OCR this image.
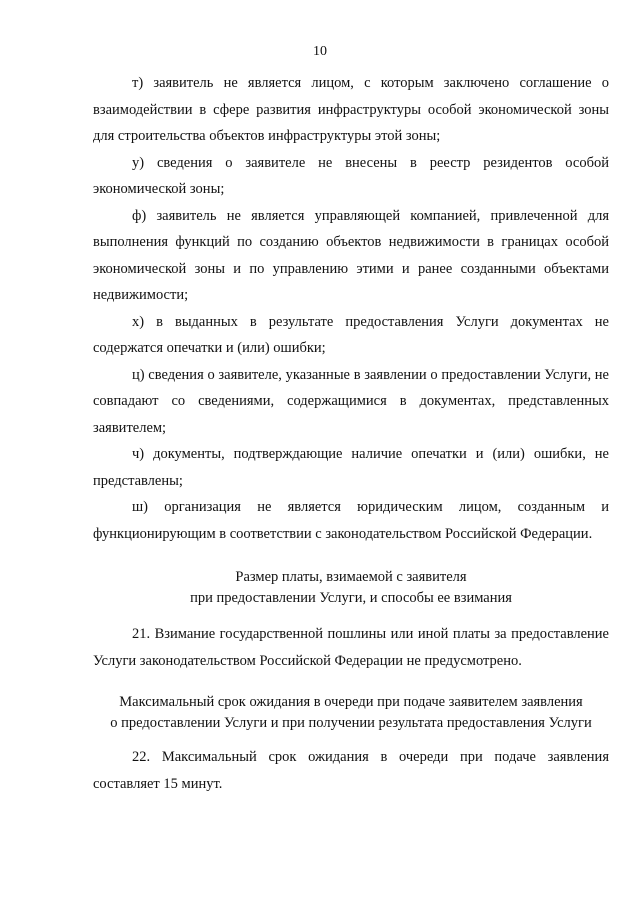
10

т) заявитель не является лицом, с которым заключено соглашение о взаимодействии в сфере развития инфраструктуры особой экономической зоны для строительства объектов инфраструктуры этой зоны;

у) сведения о заявителе не внесены в реестр резидентов особой экономической зоны;

ф) заявитель не является управляющей компанией, привлеченной для выполнения функций по созданию объектов недвижимости в границах особой экономической зоны и по управлению этими и ранее созданными объектами недвижимости;

х) в выданных в результате предоставления Услуги документах не содержатся опечатки и (или) ошибки;

ц) сведения о заявителе, указанные в заявлении о предоставлении Услуги, не совпадают со сведениями, содержащимися в документах, представленных заявителем;

ч) документы, подтверждающие наличие опечатки и (или) ошибки, не представлены;

ш) организация не является юридическим лицом, созданным и функционирующим в соответствии с законодательством Российской Федерации.

Размер платы, взимаемой с заявителя
при предоставлении Услуги, и способы ее взимания

21. Взимание государственной пошлины или иной платы за предоставление Услуги законодательством Российской Федерации не предусмотрено.

Максимальный срок ожидания в очереди при подаче заявителем заявления
о предоставлении Услуги и при получении результата предоставления Услуги

22. Максимальный срок ожидания в очереди при подаче заявления составляет 15 минут.
